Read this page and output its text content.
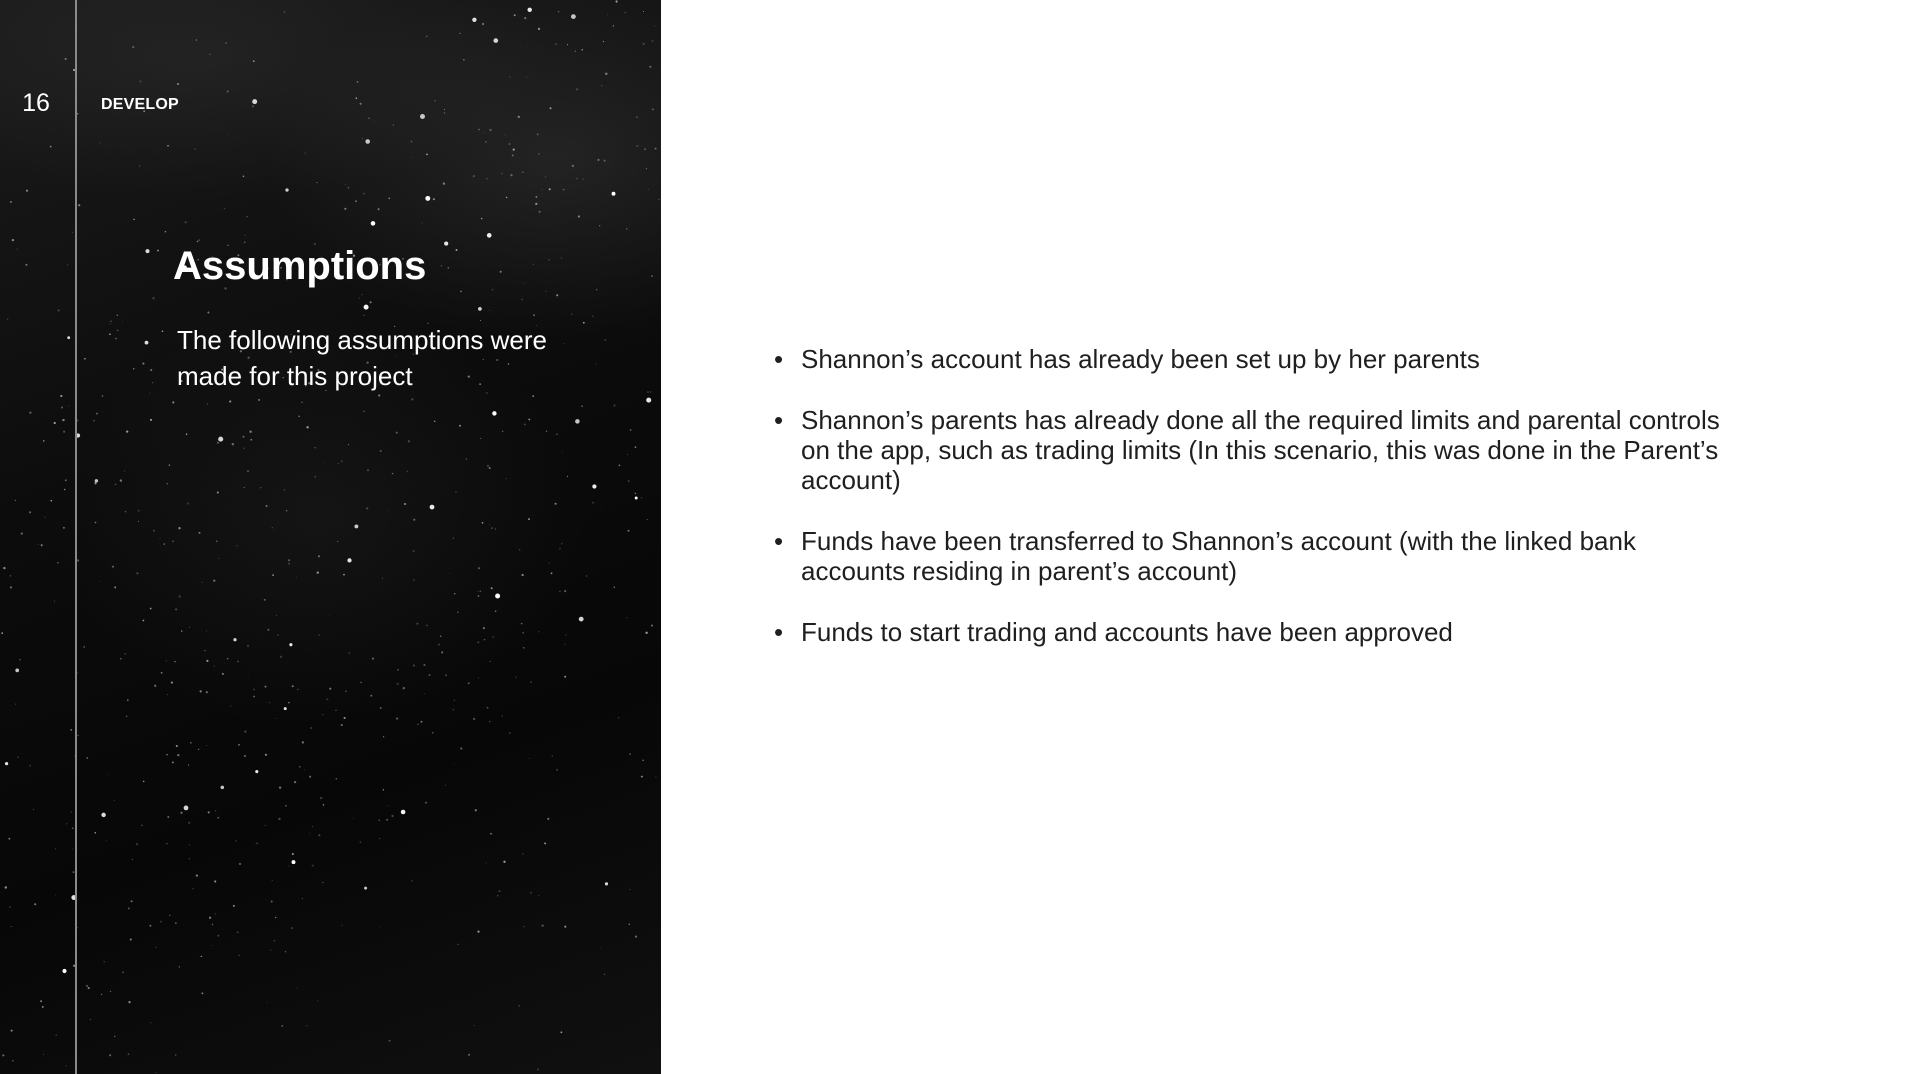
16	DEVELOP
Assumptions

The following assumptions were made for this project

• Shannon’s account has already been set up by her parents
• Shannon’s parents has already done all the required limits and parental controls on the app, such as trading limits (In this scenario, this was done in the Parent’s account)
• Funds have been transferred to Shannon’s account (with the linked bank accounts residing in parent’s account)
• Funds to start trading and accounts have been approved
